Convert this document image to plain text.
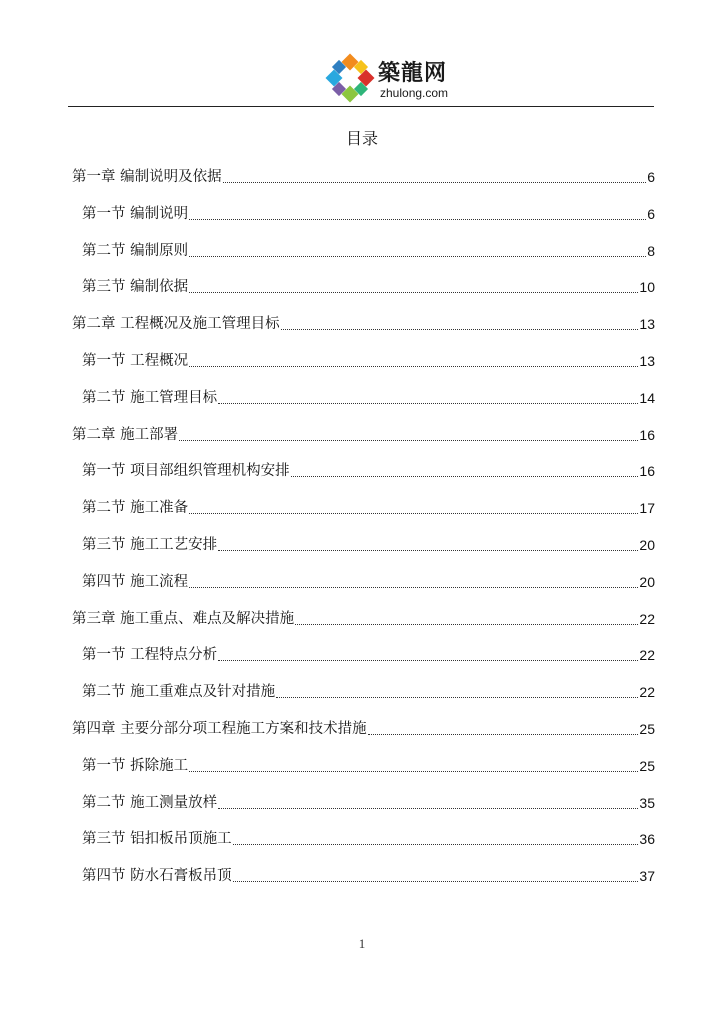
築龍网
zhulong.com
目录
第一章 编制说明及依据	6
第一节 编制说明	6
第二节 编制原则	8
第三节 编制依据	10
第二章 工程概况及施工管理目标	13
第一节 工程概况	13
第二节 施工管理目标	14
第二章 施工部署	16
第一节 项目部组织管理机构安排	16
第二节 施工准备	17
第三节 施工工艺安排	20
第四节 施工流程	20
第三章 施工重点、难点及解决措施	22
第一节 工程特点分析	22
第二节 施工重难点及针对措施	22
第四章 主要分部分项工程施工方案和技术措施	25
第一节 拆除施工	25
第二节 施工测量放样	35
第三节 铝扣板吊顶施工	36
第四节 防水石膏板吊顶	37
1
